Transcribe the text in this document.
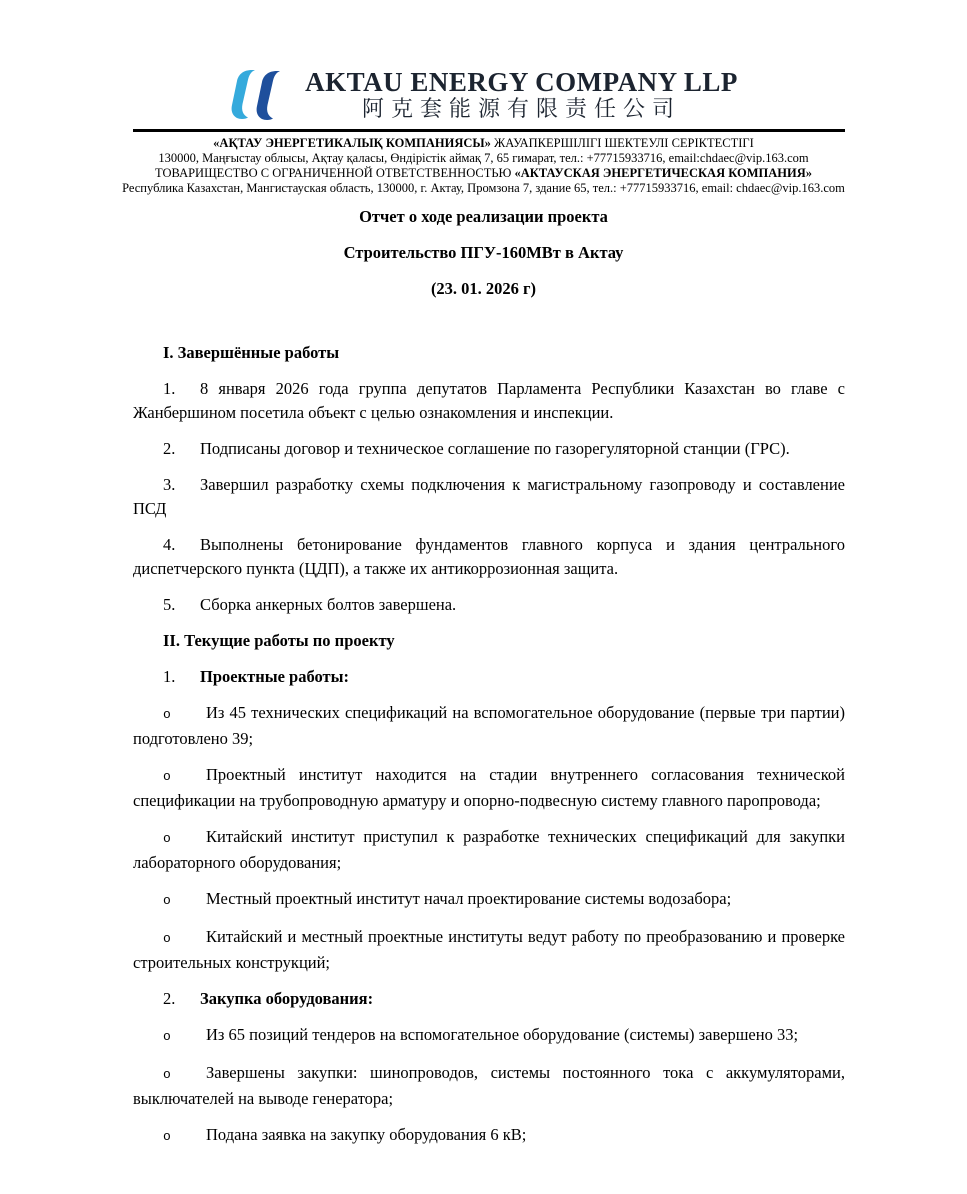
AKTAU ENERGY COMPANY LLP
阿克套能源有限责任公司
«АҚТАУ ЭНЕРГЕТИКАЛЫҚ КОМПАНИЯСЫ» ЖАУАПКЕРШІЛІГІ ШЕКТЕУЛІ СЕРІКТЕСТІГІ
130000, Маңғыстау облысы, Ақтау қаласы, Өндірістік аймақ 7, 65 гимарат, тел.: +77715933716, email:chdaec@vip.163.com
ТОВАРИЩЕСТВО С ОГРАНИЧЕННОЙ ОТВЕТСТВЕННОСТЬЮ «АКТАУСКАЯ ЭНЕРГЕТИЧЕСКАЯ КОМПАНИЯ»
Республика Казахстан, Мангистауская область, 130000, г. Актау, Промзона 7, здание 65, тел.: +77715933716, email: chdaec@vip.163.com

Отчет о ходе реализации проекта

Строительство ПГУ-160МВт в Актау

(23. 01. 2026 г)

I. Завершённые работы

1. 8 января 2026 года группа депутатов Парламента Республики Казахстан во главе с Жанбершином посетила объект с целью ознакомления и инспекции.

2. Подписаны договор и техническое соглашение по газорегуляторной станции (ГРС).

3. Завершил разработку схемы подключения к магистральному газопроводу и составление ПСД

4. Выполнены бетонирование фундаментов главного корпуса и здания центрального диспетчерского пункта (ЦДП), а также их антикоррозионная защита.

5. Сборка анкерных болтов завершена.

II. Текущие работы по проекту

1. Проектные работы:

o Из 45 технических спецификаций на вспомогательное оборудование (первые три партии) подготовлено 39;

o Проектный институт находится на стадии внутреннего согласования технической спецификации на трубопроводную арматуру и опорно-подвесную систему главного паропровода;

o Китайский институт приступил к разработке технических спецификаций для закупки лабораторного оборудования;

o Местный проектный институт начал проектирование системы водозабора;

o Китайский и местный проектные институты ведут работу по преобразованию и проверке строительных конструкций;

2. Закупка оборудования:

o Из 65 позиций тендеров на вспомогательное оборудование (системы) завершено 33;

o Завершены закупки: шинопроводов, системы постоянного тока с аккумуляторами, выключателей на выводе генератора;

o Подана заявка на закупку оборудования 6 кВ;
